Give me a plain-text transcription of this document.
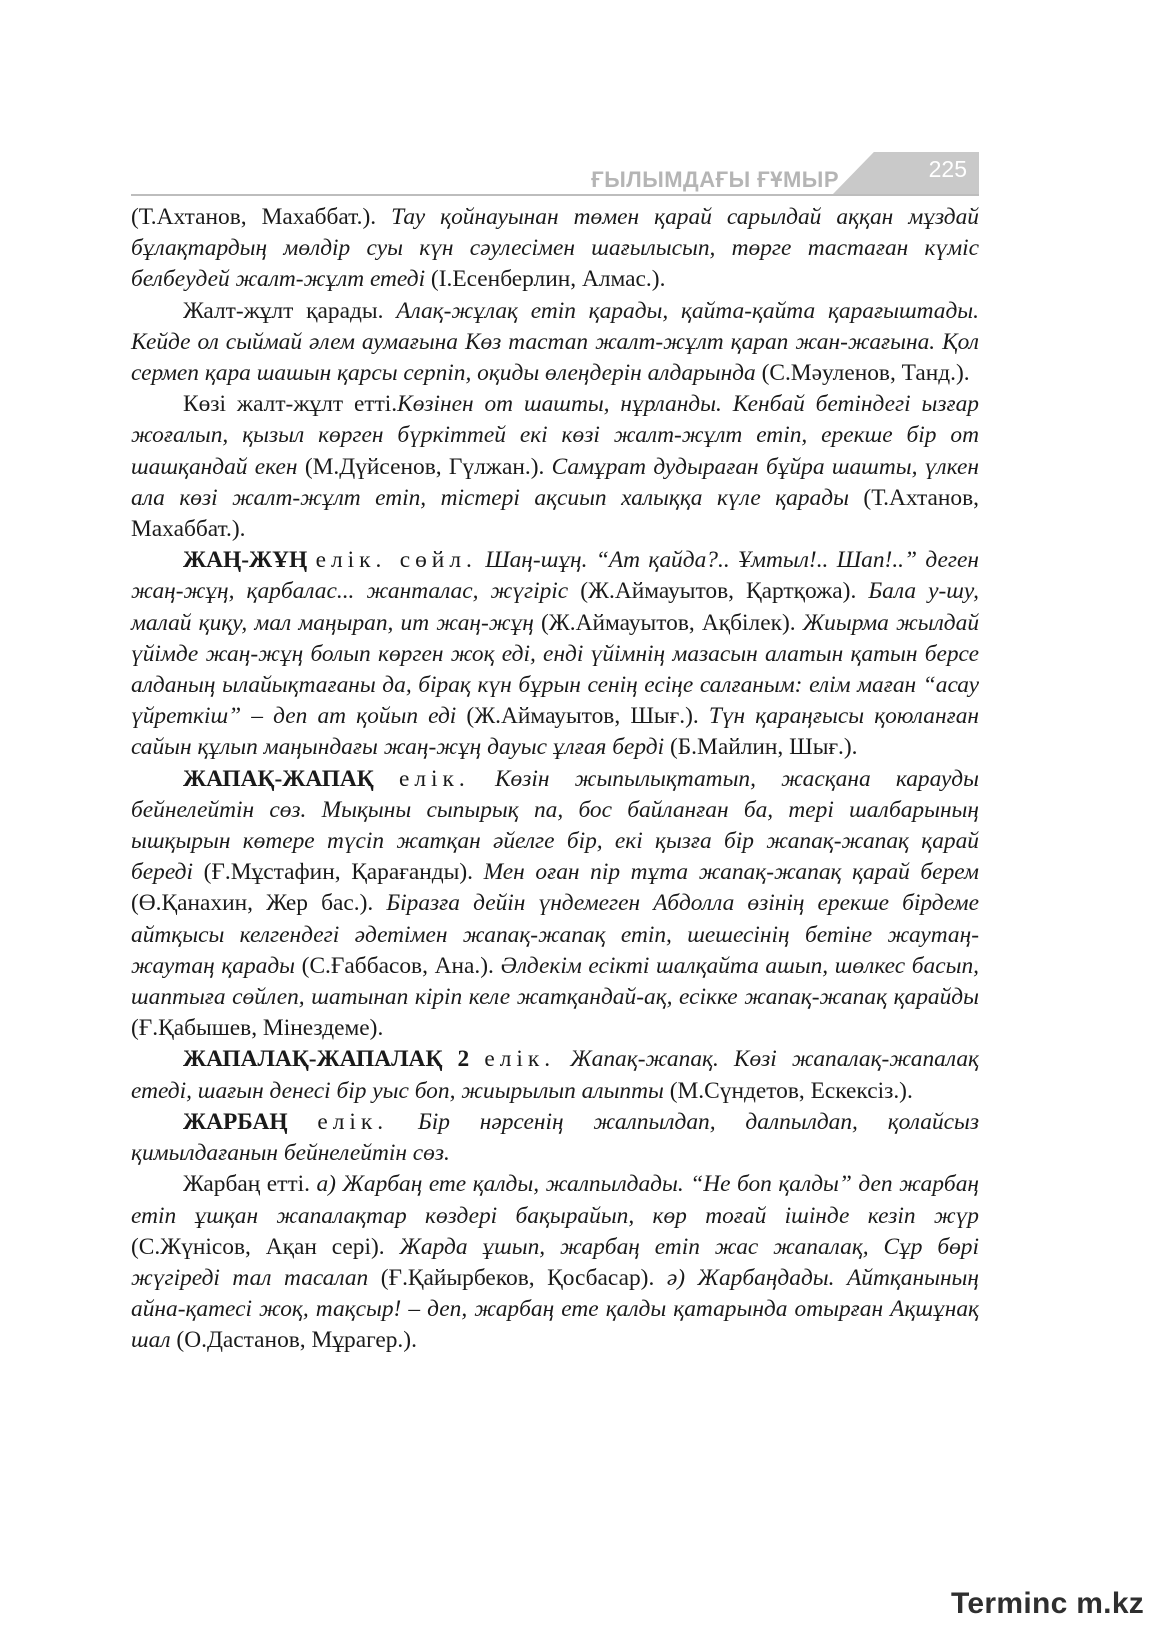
ҒЫЛЫМДАҒЫ ҒҰМЫР	225

(Т.Ахтанов, Махаббат.). Тау қойнауынан төмен қарай сарылдай аққан мұздай бұлақтардың мөлдір суы күн сәулесімен шағылысып, төрге тастаған күміс белбеудей жалт-жұлт етеді (І.Есенберлин, Алмас.).

Жалт-жұлт қарады. Алақ-жұлақ етіп қарады, қайта-қайта қарағыштады. Кейде ол сыймай әлем аумағына Көз тастап жалт-жұлт қарап жан-жағына. Қол сермеп қара шашын қарсы серпіп, оқиды өлеңдерін алдарында (С.Мәуленов, Танд.).

Көзі жалт-жұлт етті.Көзінен от шашты, нұрланды. Кенбай бетіндегі ызғар жоғалып, қызыл көрген бүркіттей екі көзі жалт-жұлт етіп, ерекше бір от шашқандай екен (М.Дүйсенов, Гүлжан.). Самұрат дудыраған бұйра шашты, үлкен ала көзі жалт-жұлт етіп, тістері ақсиып халыққа күле қарады (Т.Ахтанов, Махаббат.).

ЖАҢ-ЖҰҢ елік. сөйл. Шаң-шұң. “Ат қайда?.. Ұмтыл!.. Шап!..” деген жаң-жұң, қарбалас... жанталас, жүгіріс (Ж.Аймауытов, Қартқожа). Бала у-шу, малай қиқу, мал маңырап, ит жаң-жұң (Ж.Аймауытов, Ақбілек). Жиырма жылдай үйімде жаң-жұң болып көрген жоқ еді, енді үйімнің мазасын алатын қатын берсе алданың ылайықтағаны да, бірақ күн бұрын сенің есіңе салғаным: елім маған “асау үйреткіш” – деп ат қойып еді (Ж.Аймауытов, Шығ.). Түн қараңғысы қоюланған сайын құлып маңындағы жаң-жұң дауыс ұлғая берді (Б.Майлин, Шығ.).

ЖАПАҚ-ЖАПАҚ елік. Көзін жыпылықтатып, жасқана карауды бейнелейтін сөз. Мықыны сыпырық па, бос байланған ба, тері шалбарының ышқырын көтере түсіп жатқан әйелге бір, екі қызға бір жапақ-жапақ қарай береді (Ғ.Мұстафин, Қарағанды). Мен оған пір тұта жапақ-жапақ қарай берем (Ө.Қанахин, Жер бас.). Біразға дейін үндемеген Абдолла өзінің ерекше бірдеме айтқысы келгендегі әдетімен жапақ-жапақ етіп, шешесінің бетіне жаутаң-жаутаң қарады (С.Ғаббасов, Ана.). Әлдекім есікті шалқайта ашып, шөлкес басып, шаптыға сөйлеп, шатынап кіріп келе жатқандай-ақ, есікке жапақ-жапақ қарайды (Ғ.Қабышев, Мінездеме).

ЖАПАЛАҚ-ЖАПАЛАҚ 2 елік. Жапақ-жапақ. Көзі жапалақ-жапалақ етеді, шағын денесі бір уыс боп, жиырылып алыпты (М.Сүндетов, Ескексіз.).

ЖАРБАҢ елік. Бір нәрсенің жалпылдап, далпылдап, қолайсыз қимылдағанын бейнелейтін сөз.

Жарбаң етті. а) Жарбаң ете қалды, жалпылдады. “Не боп қалды” деп жарбаң етіп ұшқан жапалақтар көздері бақырайып, көр тоғай ішінде кезіп жүр (С.Жүнісов, Ақан сері). Жарда ұшып, жарбаң етіп жас жапалақ, Сұр бөрі жүгіреді тал тасалап (Ғ.Қайырбеков, Қосбасар). ә) Жарбаңдады. Айтқанының айна-қатесі жоқ, тақсыр! – деп, жарбаң ете қалды қатарында отырған Ақшұнақ шал (О.Дастанов, Мұрагер.).

Terminc m.kz
